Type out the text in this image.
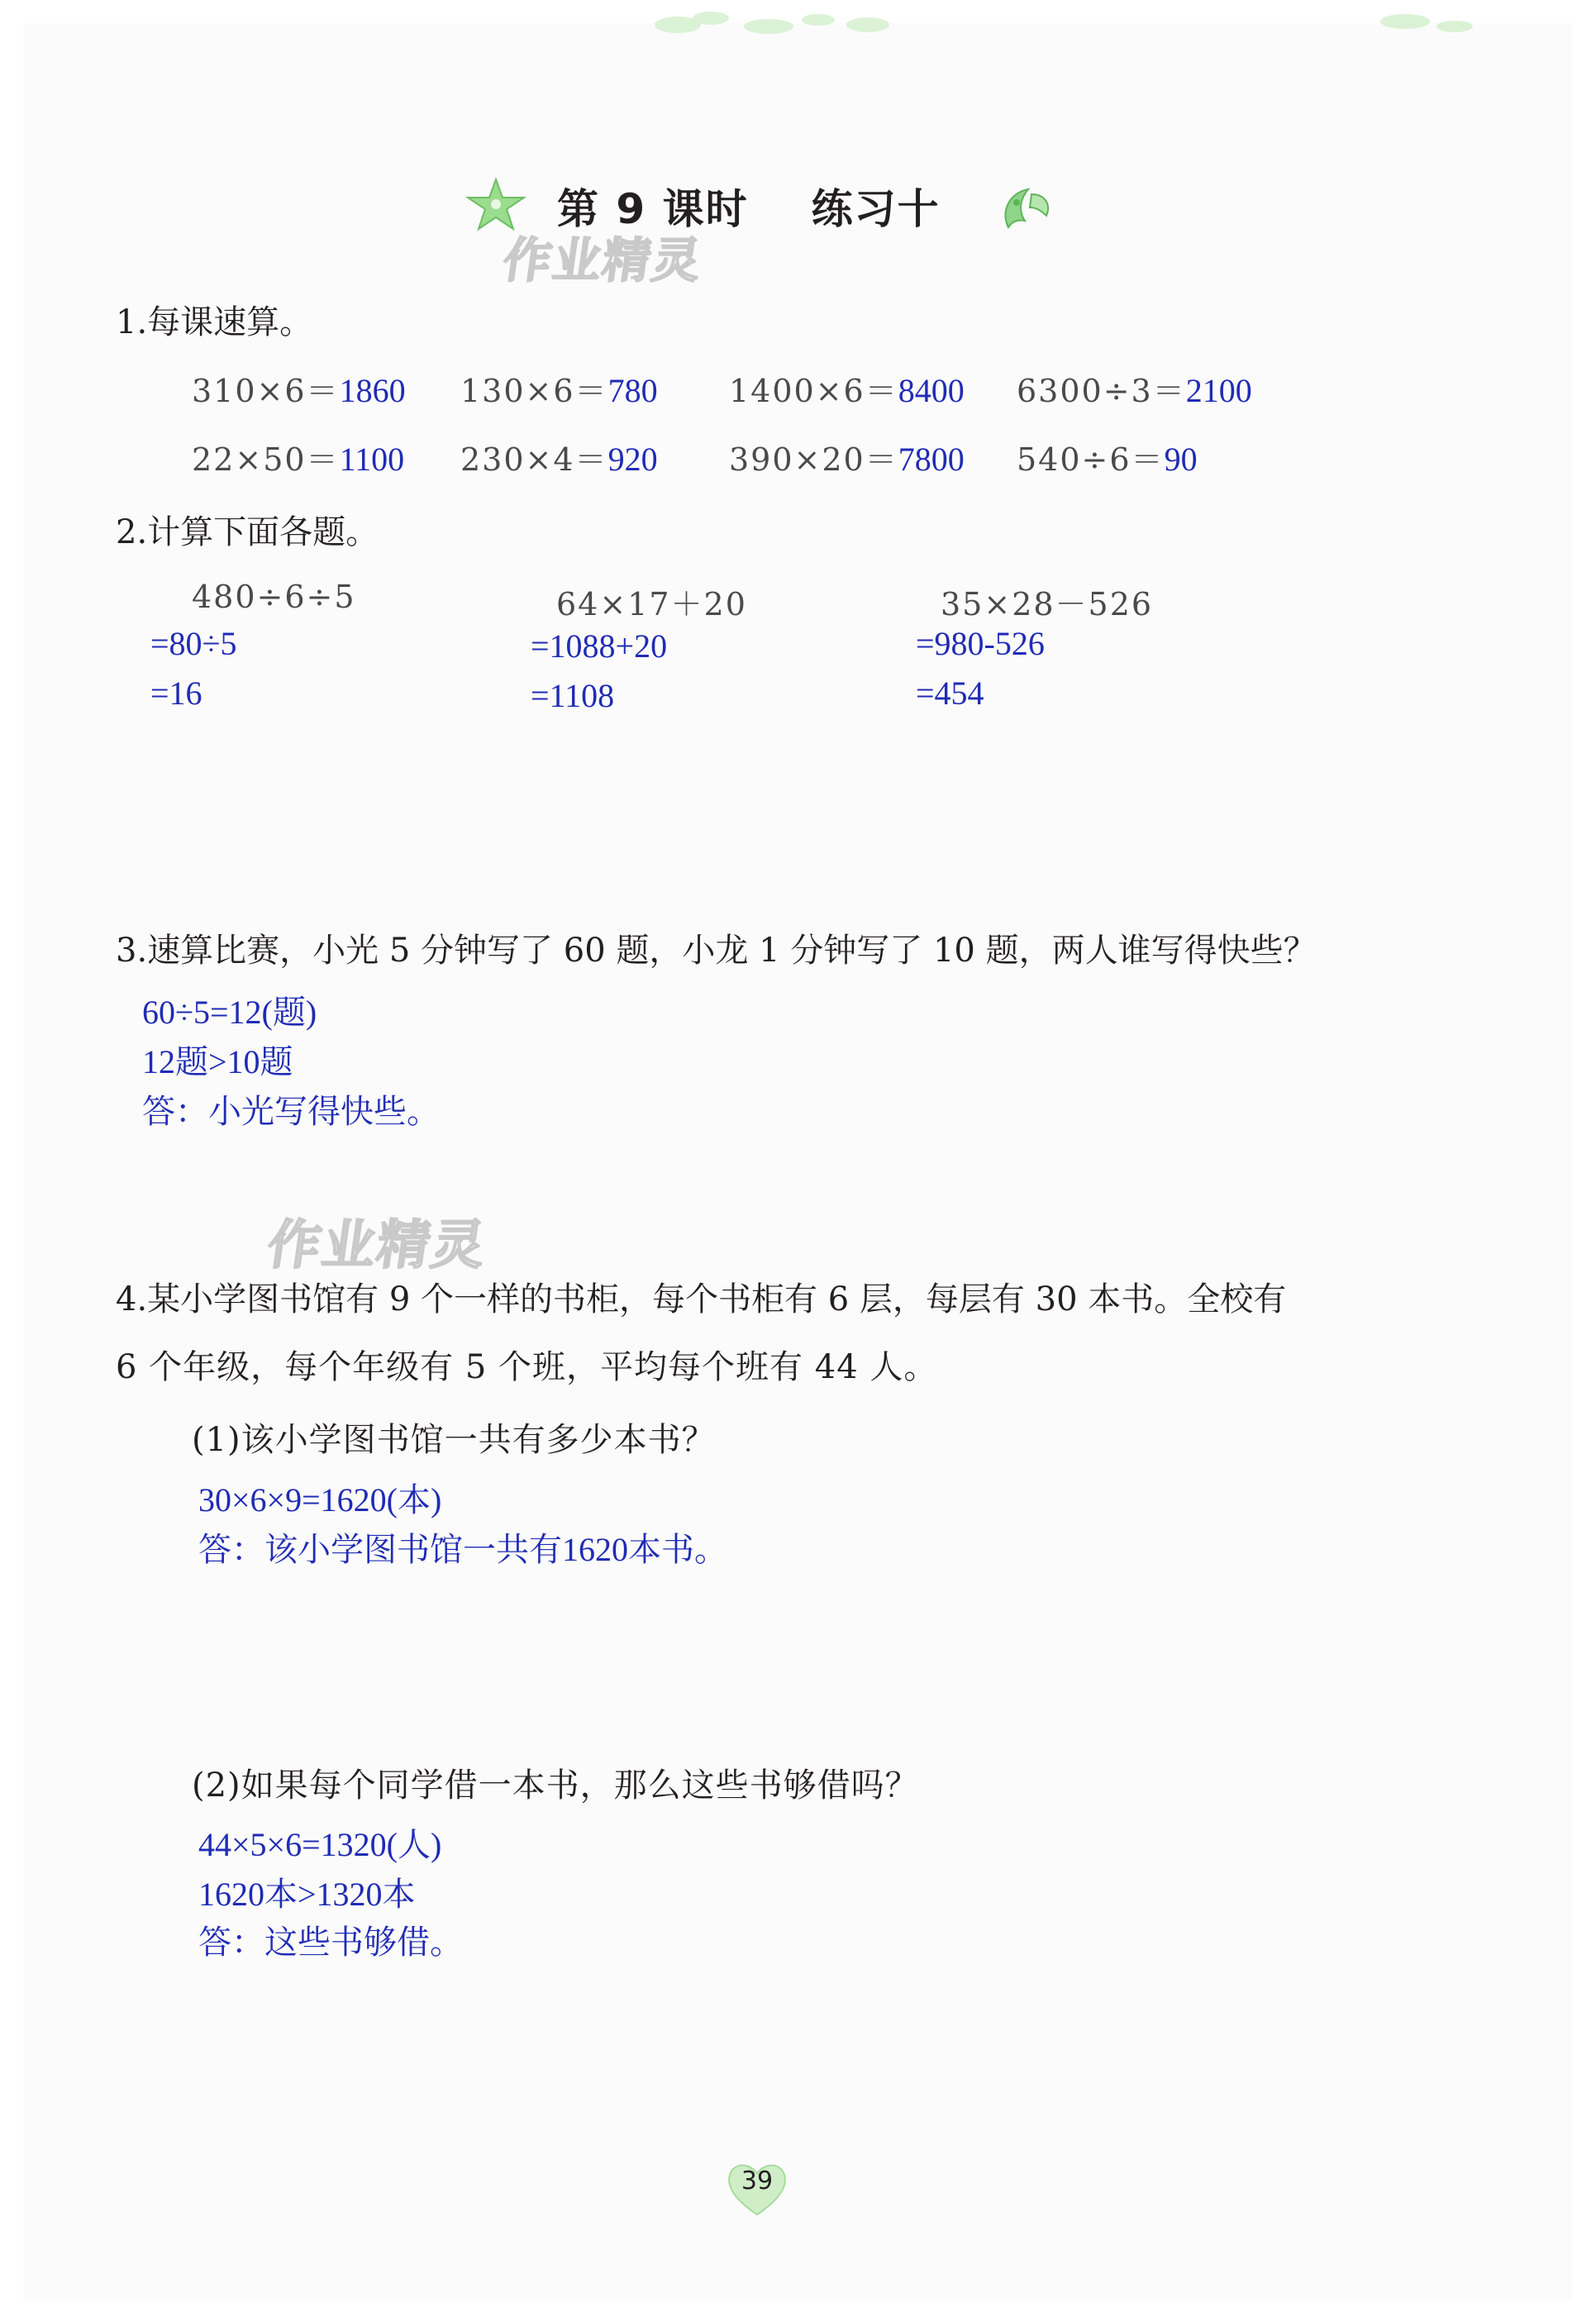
第 9 课时 练习十
作业精灵
作业精灵
1.每课速算。
310×6＝1860 130×6＝780 1400×6＝8400 6300÷3＝2100
22×50＝1100 230×4＝920 390×20＝7800 540÷6＝90
2.计算下面各题。
480÷6÷5
=80÷5
=16
64×17＋20
=1088+20
=1108
35×28－526
=980-526
=454
3.速算比赛，小光 5 分钟写了 60 题，小龙 1 分钟写了 10 题，两人谁写得快些？
60÷5=12(题)
12题>10题
答：小光写得快些。
4.某小学图书馆有 9 个一样的书柜，每个书柜有 6 层，每层有 30 本书。全校有
6 个年级，每个年级有 5 个班，平均每个班有 44 人。
(1)该小学图书馆一共有多少本书？
30×6×9=1620(本)
答：该小学图书馆一共有1620本书。
(2)如果每个同学借一本书，那么这些书够借吗？
44×5×6=1320(人)
1620本>1320本
答：这些书够借。
39
